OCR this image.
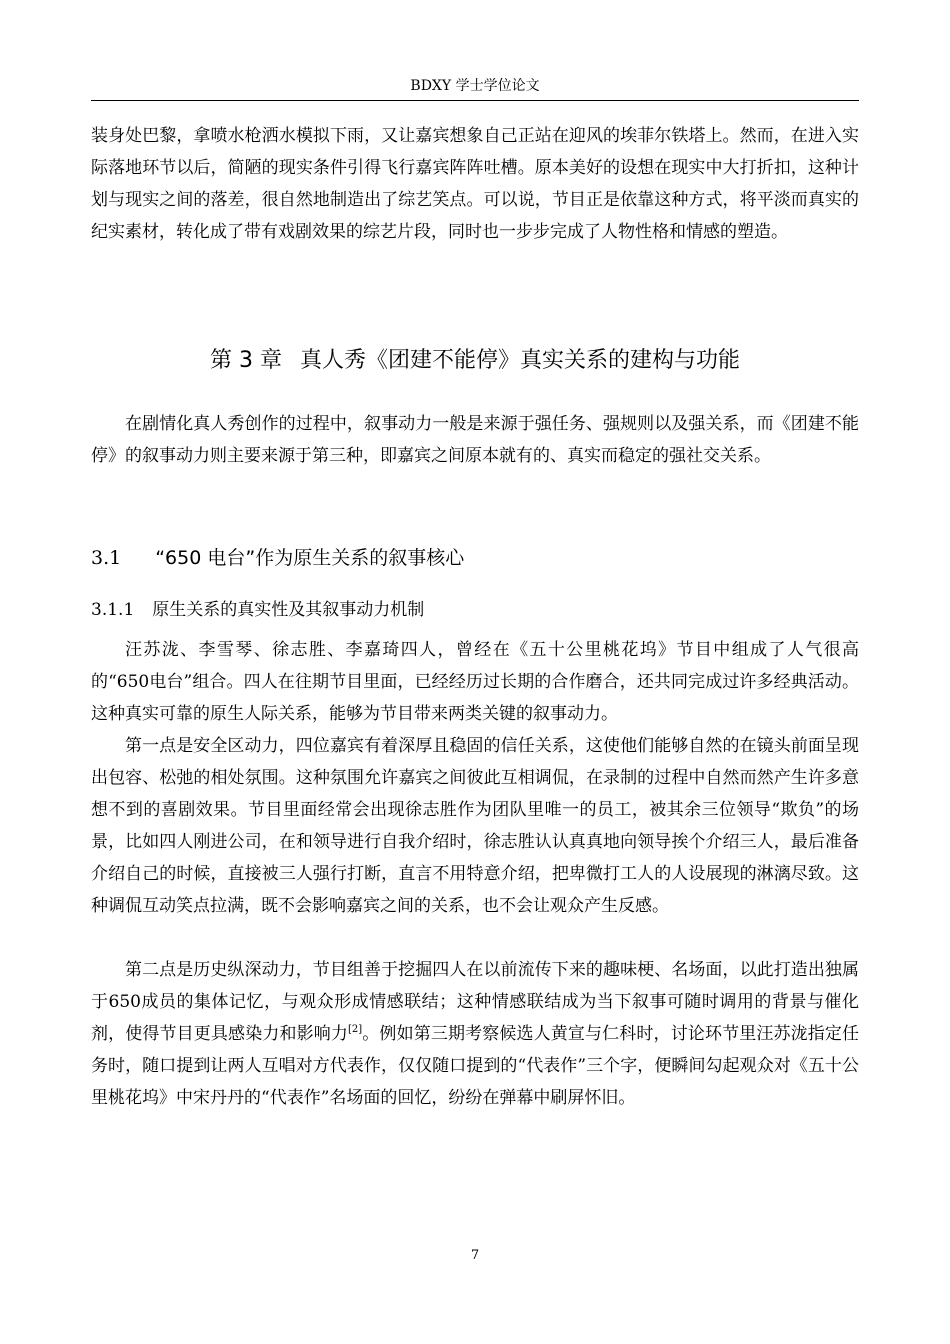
BDXY 学士学位论文

装身处巴黎，拿喷水枪洒水模拟下雨，又让嘉宾想象自己正站在迎风的埃菲尔铁塔上。然而，在进入实际落地环节以后，简陋的现实条件引得飞行嘉宾阵阵吐槽。原本美好的设想在现实中大打折扣，这种计划与现实之间的落差，很自然地制造出了综艺笑点。可以说，节目正是依靠这种方式，将平淡而真实的纪实素材，转化成了带有戏剧效果的综艺片段，同时也一步步完成了人物性格和情感的塑造。

第 3 章 真人秀《团建不能停》真实关系的建构与功能

在剧情化真人秀创作的过程中，叙事动力一般是来源于强任务、强规则以及强关系，而《团建不能停》的叙事动力则主要来源于第三种，即嘉宾之间原本就有的、真实而稳定的强社交关系。

3.1 “650 电台”作为原生关系的叙事核心
3.1.1 原生关系的真实性及其叙事动力机制

汪苏泷、李雪琴、徐志胜、李嘉琦四人，曾经在《五十公里桃花坞》节目中组成了人气很高的“650电台”组合。四人在往期节目里面，已经经历过长期的合作磨合，还共同完成过许多经典活动。这种真实可靠的原生人际关系，能够为节目带来两类关键的叙事动力。

第一点是安全区动力，四位嘉宾有着深厚且稳固的信任关系，这使他们能够自然的在镜头前面呈现出包容、松弛的相处氛围。这种氛围允许嘉宾之间彼此互相调侃，在录制的过程中自然而然产生许多意想不到的喜剧效果。节目里面经常会出现徐志胜作为团队里唯一的员工，被其余三位领导“欺负”的场景，比如四人刚进公司，在和领导进行自我介绍时，徐志胜认认真真地向领导挨个介绍三人，最后准备介绍自己的时候，直接被三人强行打断，直言不用特意介绍，把卑微打工人的人设展现的淋漓尽致。这种调侃互动笑点拉满，既不会影响嘉宾之间的关系，也不会让观众产生反感。

第二点是历史纵深动力，节目组善于挖掘四人在以前流传下来的趣味梗、名场面，以此打造出独属于650成员的集体记忆，与观众形成情感联结；这种情感联结成为当下叙事可随时调用的背景与催化剂，使得节目更具感染力和影响力[2]。例如第三期考察候选人黄宣与仁科时，讨论环节里汪苏泷指定任务时，随口提到让两人互唱对方代表作，仅仅随口提到的“代表作”三个字，便瞬间勾起观众对《五十公里桃花坞》中宋丹丹的“代表作”名场面的回忆，纷纷在弹幕中刷屏怀旧。

7
